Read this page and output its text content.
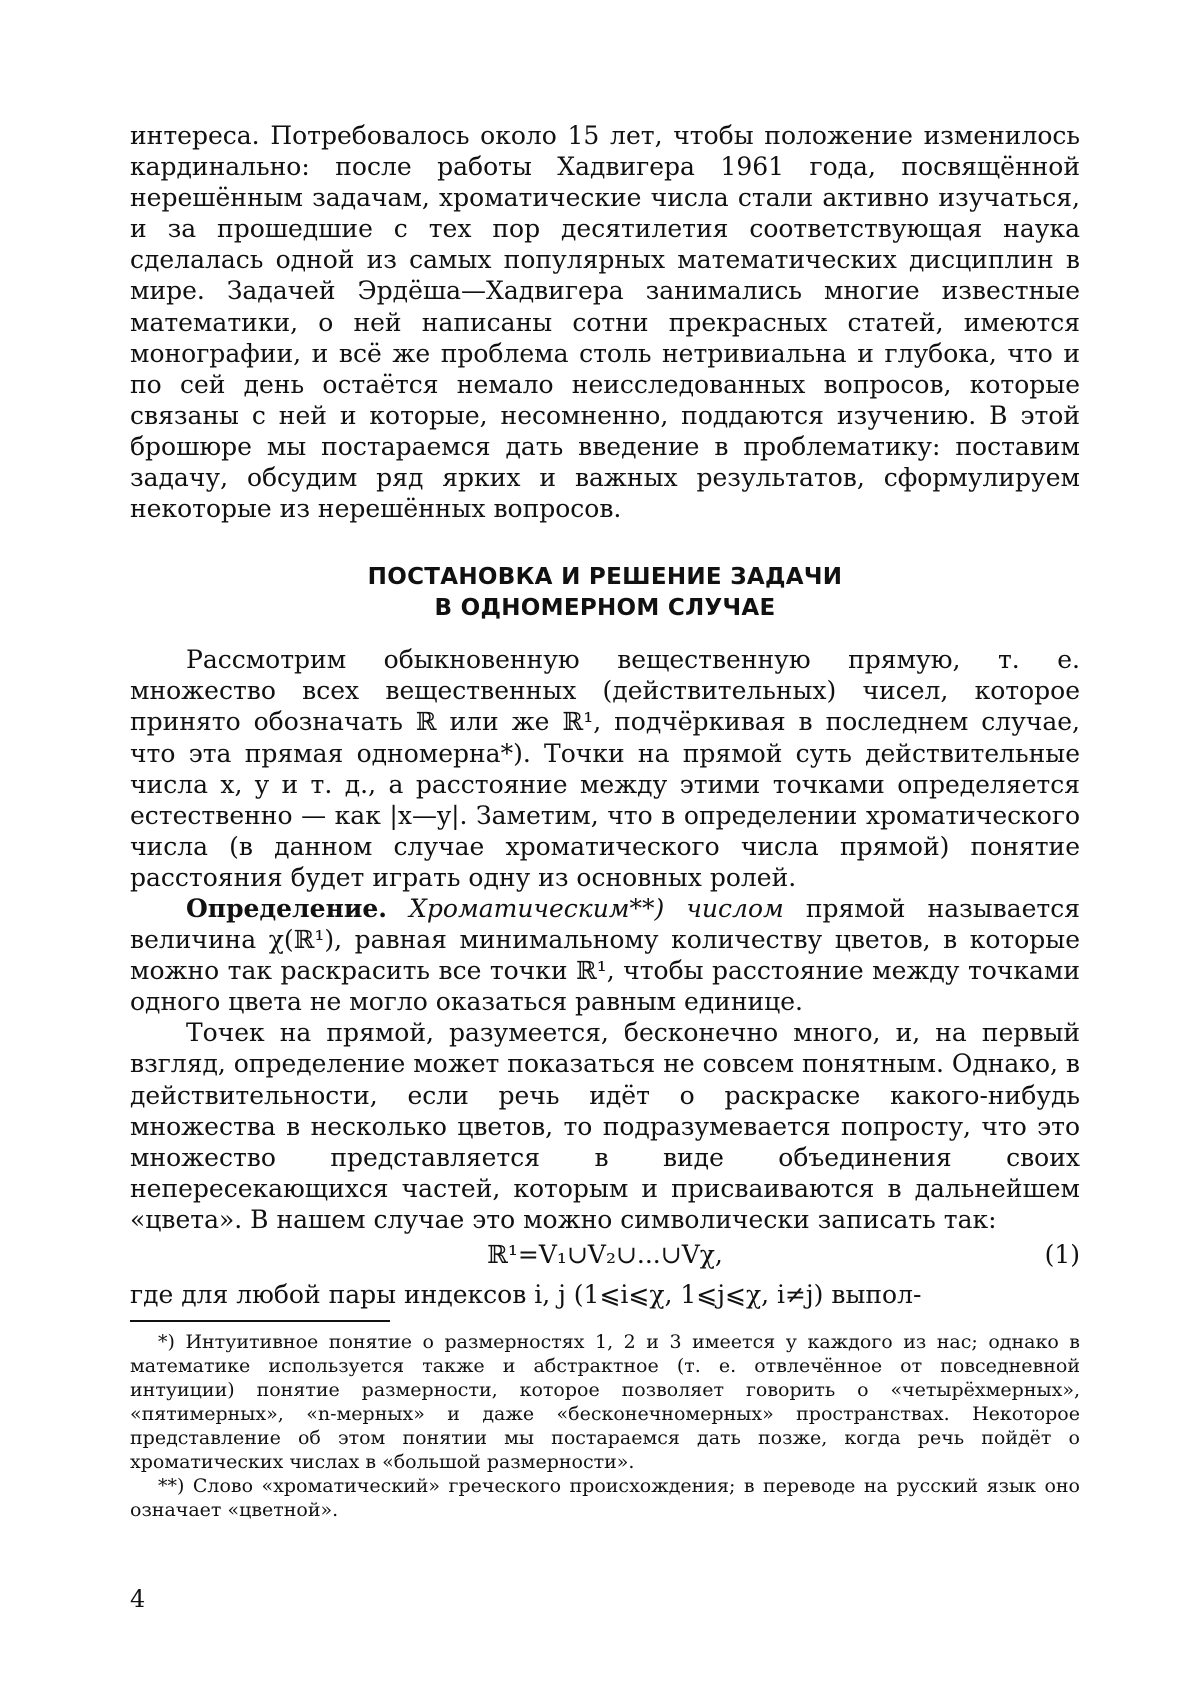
интереса. Потребовалось около 15 лет, чтобы положение изменилось кардинально: после работы Хадвигера 1961 года, посвящённой нерешённым задачам, хроматические числа стали активно изучаться, и за прошедшие с тех пор десятилетия соответствующая наука сделалась одной из самых популярных математических дисциплин в мире. Задачей Эрдёша—Хадвигера занимались многие известные математики, о ней написаны сотни прекрасных статей, имеются монографии, и всё же проблема столь нетривиальна и глубока, что и по сей день остаётся немало неисследованных вопросов, которые связаны с ней и которые, несомненно, поддаются изучению. В этой брошюре мы постараемся дать введение в проблематику: поставим задачу, обсудим ряд ярких и важных результатов, сформулируем некоторые из нерешённых вопросов.

ПОСТАНОВКА И РЕШЕНИЕ ЗАДАЧИ
В ОДНОМЕРНОМ СЛУЧАЕ

Рассмотрим обыкновенную вещественную прямую, т. е. множество всех вещественных (действительных) чисел, которое принято обозначать ℝ или же ℝ¹, подчёркивая в последнем случае, что эта прямая одномерна*). Точки на прямой суть действительные числа x, y и т. д., а расстояние между этими точками определяется естественно — как |x—y|. Заметим, что в определении хроматического числа (в данном случае хроматического числа прямой) понятие расстояния будет играть одну из основных ролей.

Определение. Хроматическим**) числом прямой называется величина χ(ℝ¹), равная минимальному количеству цветов, в которые можно так раскрасить все точки ℝ¹, чтобы расстояние между точками одного цвета не могло оказаться равным единице.

Точек на прямой, разумеется, бесконечно много, и, на первый взгляд, определение может показаться не совсем понятным. Однако, в действительности, если речь идёт о раскраске какого-нибудь множества в несколько цветов, то подразумевается попросту, что это множество представляется в виде объединения своих непересекающихся частей, которым и присваиваются в дальнейшем «цвета». В нашем случае это можно символически записать так:

ℝ¹=V₁∪V₂∪...∪Vχ,	(1)

где для любой пары индексов i, j (1⩽i⩽χ, 1⩽j⩽χ, i≠j) выпол-

*) Интуитивное понятие о размерностях 1, 2 и 3 имеется у каждого из нас; однако в математике используется также и абстрактное (т. е. отвлечённое от повседневной интуиции) понятие размерности, которое позволяет говорить о «четырёхмерных», «пятимерных», «n-мерных» и даже «бесконечномерных» пространствах. Некоторое представление об этом понятии мы постараемся дать позже, когда речь пойдёт о хроматических числах в «большой размерности».

**) Слово «хроматический» греческого происхождения; в переводе на русский язык оно означает «цветной».

4
